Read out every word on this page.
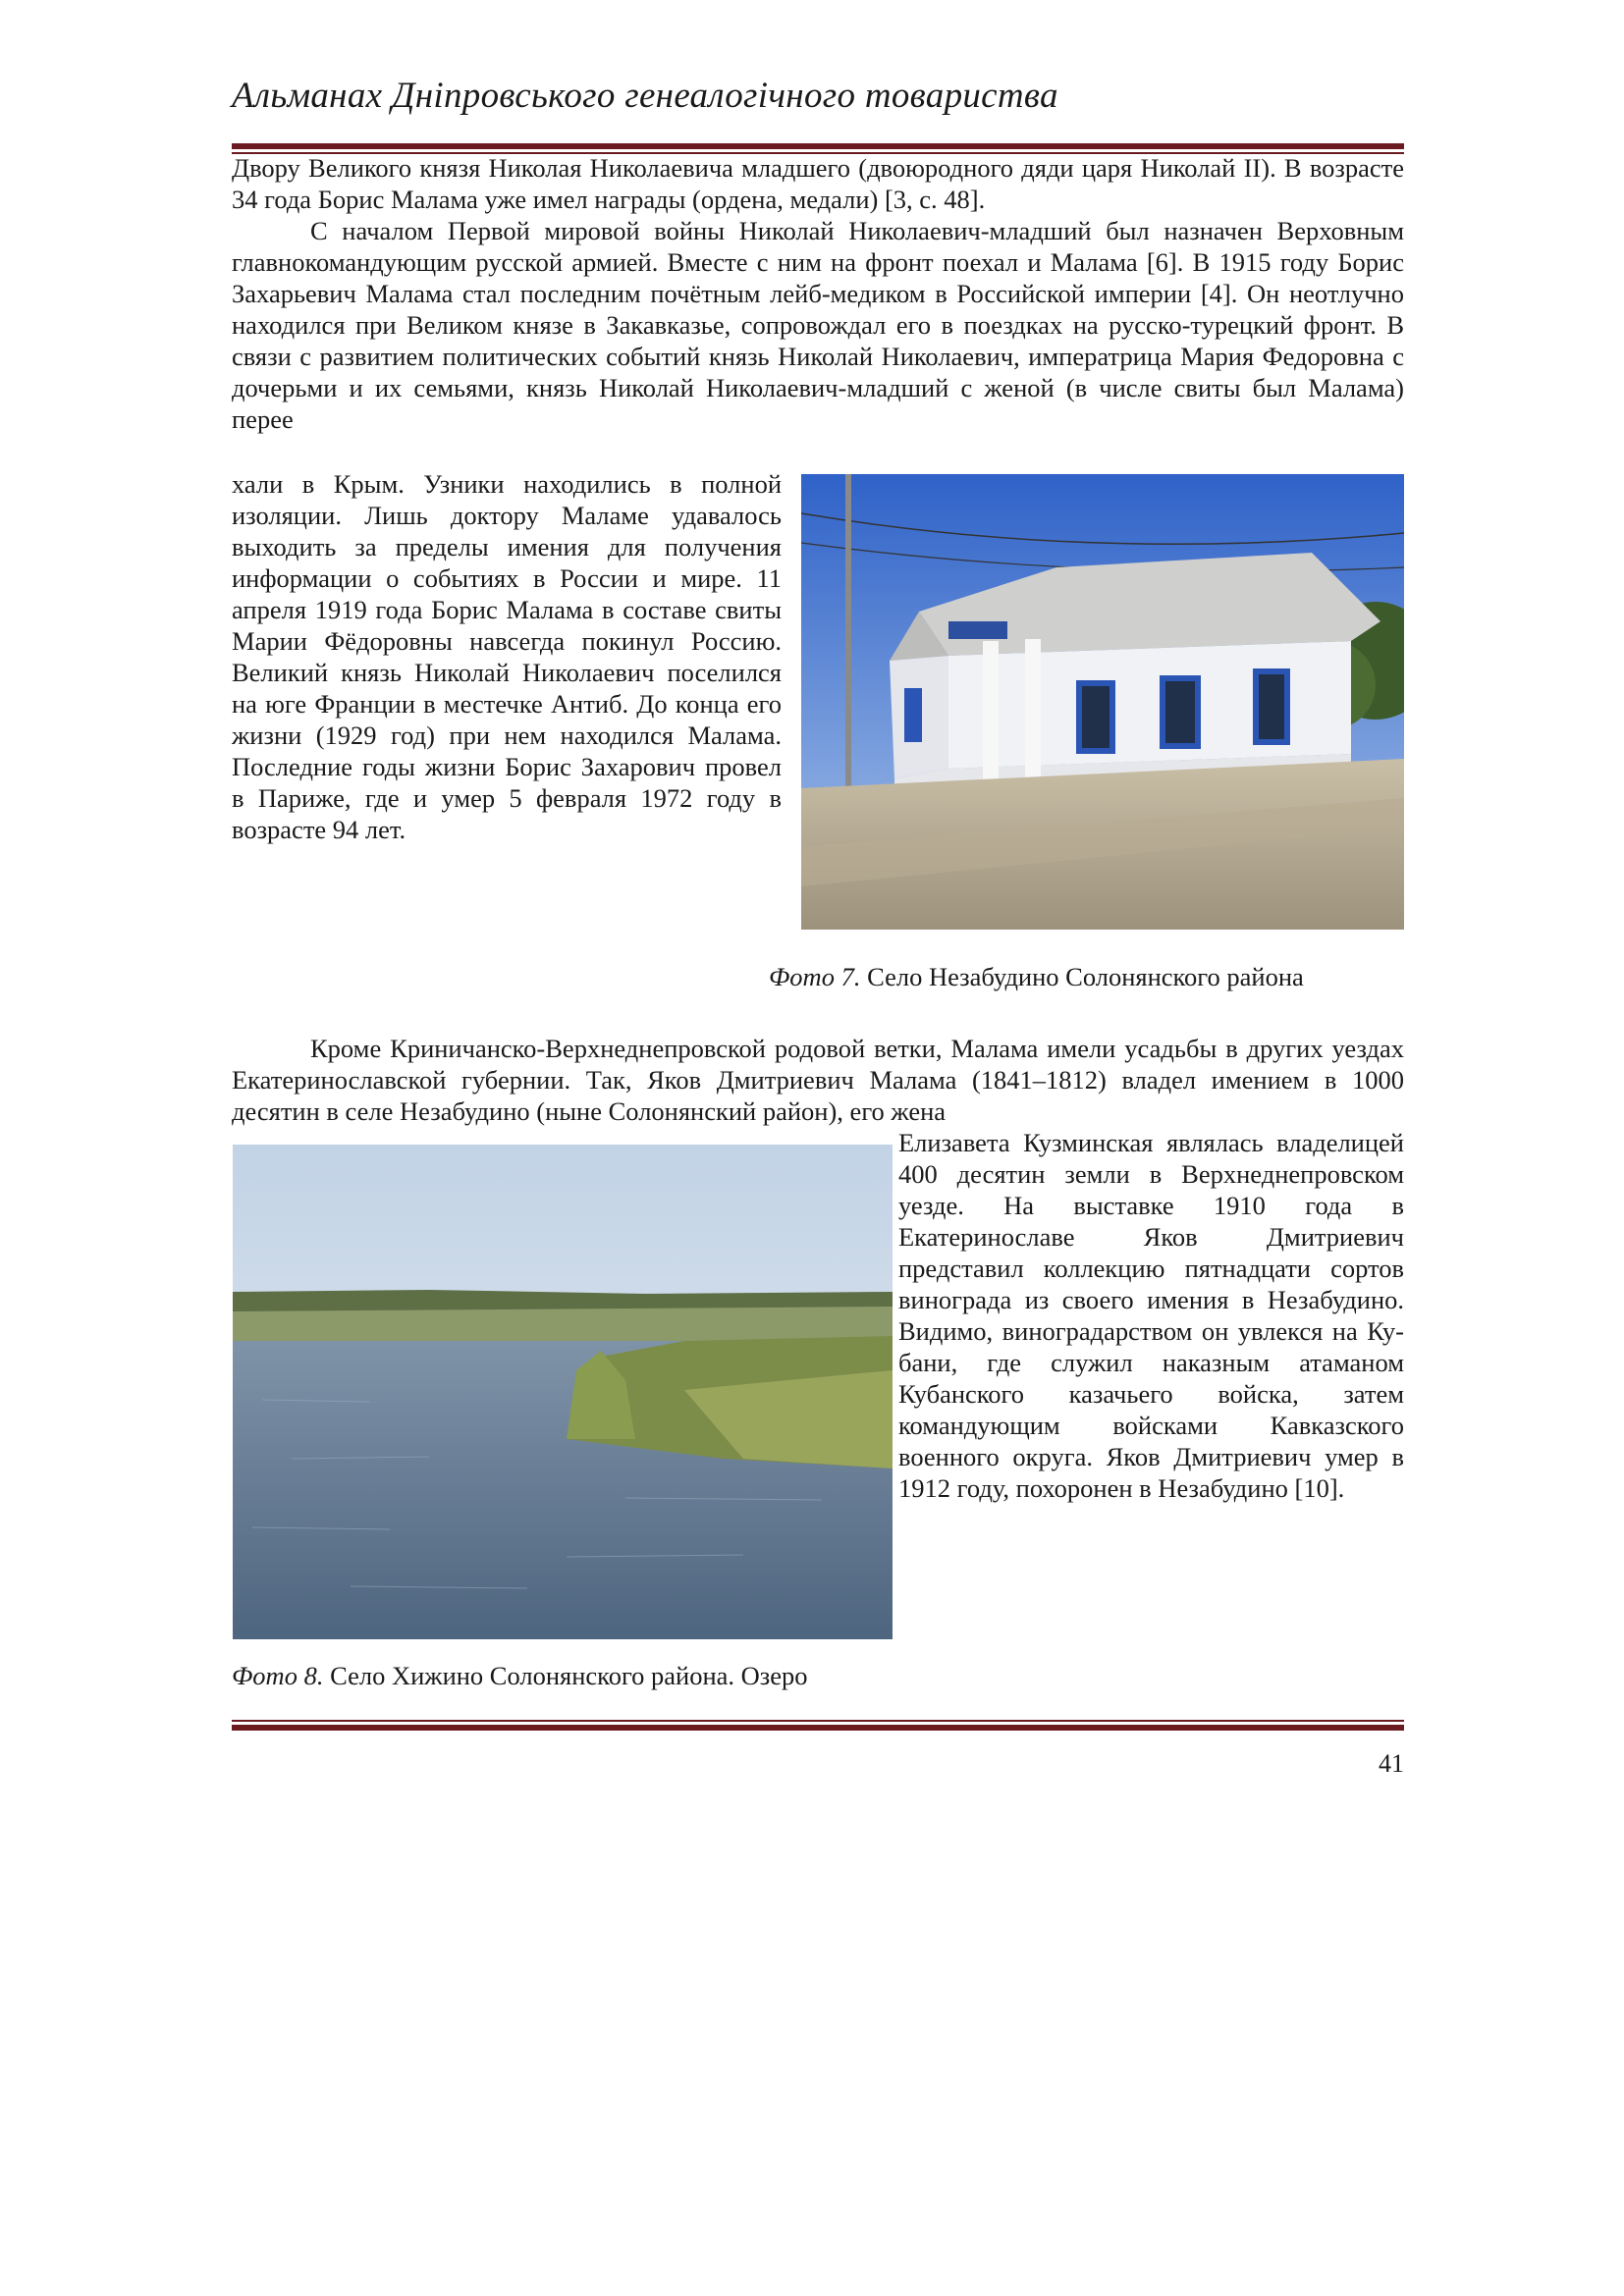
Альманах Дніпровського генеалогічного товариства

Двору Великого князя Николая Николаевича младшего (двоюродного дяди царя Николай II). В возрасте 34 года Борис Малама уже имел награды (ордена, медали) [3, с. 48].

С началом Первой мировой войны Николай Николаевич-младший был назначен Верховным главнокомандующим русской армией. Вместе с ним на фронт поехал и Малама [6]. В 1915 году Борис Захарьевич Малама стал последним почётным лейб-медиком в Российской империи [4]. Он неотлучно находился при Великом князе в Закавказье, сопровождал его в поездках на русско-турецкий фронт. В связи с развитием политических событий князь Николай Николаевич, императрица Мария Федоровна с дочерьми и их семьями, князь Николай Николаевич-младший с женой (в числе свиты был Малама) перее

хали в Крым. Узники находились в полной изоляции. Лишь доктору Маламе удавалось выходить за пределы имения для получения информации о событиях в России и мире. 11 апреля 1919 года Борис Малама в составе свиты Марии Фёдоровны навсегда покинул Россию. Великий князь Николай Николаевич поселился на юге Франции в местечке Антиб. До конца его жизни (1929 год) при нем находился Малама. Последние годы жизни Борис Захарович провел в Париже, где и умер 5 февраля 1972 году в возрасте 94 лет.

Фото 7. Село Незабудино Солонянского района

Кроме Криничанско-Верхнеднепровской родовой ветки, Малама имели усадьбы в других уездах Екатеринославской губернии. Так, Яков Дмитриевич Малама (1841–1812) владел имением в 1000 десятин в селе Незабудино (ныне Солонянский район), его жена

Елизавета Кузминская являлась владелицей 400 десятин земли в Верхнеднепровском уезде. На выставке 1910 года в Екатеринославе Яков Дмитриевич представил коллекцию пятнадцати сортов винограда из своего имения в Незабудино. Видимо, виноградарством он увлекся на Кубани, где служил наказным атаманом Кубанского казачьего войска, затем командующим войсками Кавказского военного округа. Яков Дмитриевич умер в 1912 году, похоронен в Незабудино [10].

Фото 8. Село Хижино Солонянского района. Озеро
41
